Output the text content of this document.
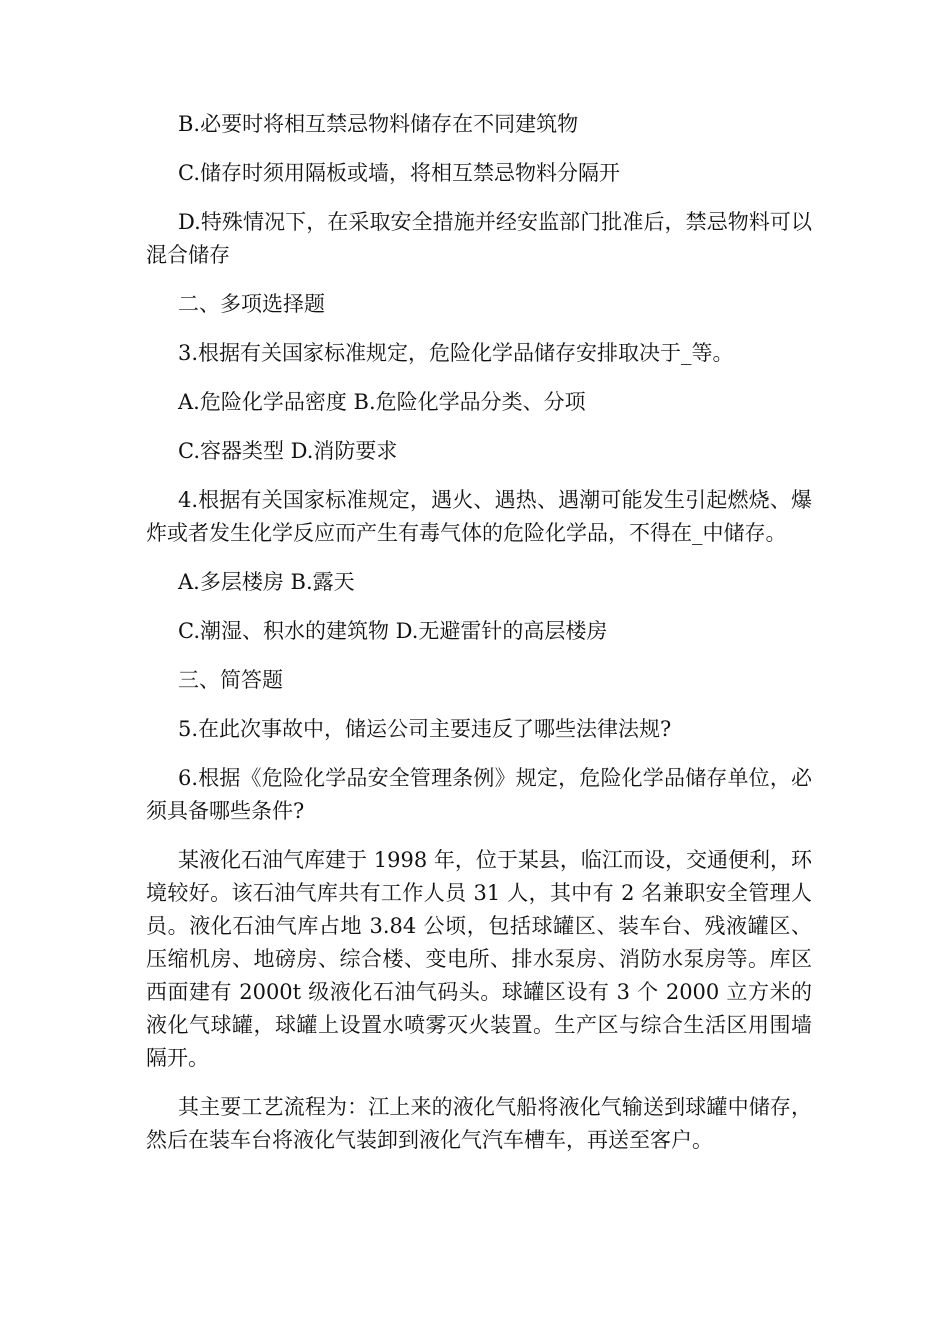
B.必要时将相互禁忌物料储存在不同建筑物

C.储存时须用隔板或墙，将相互禁忌物料分隔开

D.特殊情况下，在采取安全措施并经安监部门批准后，禁忌物料可以混合储存

二、多项选择题

3.根据有关国家标准规定，危险化学品储存安排取决于_等。

A.危险化学品密度 B.危险化学品分类、分项

C.容器类型 D.消防要求

4.根据有关国家标准规定，遇火、遇热、遇潮可能发生引起燃烧、爆炸或者发生化学反应而产生有毒气体的危险化学品，不得在_中储存。

A.多层楼房 B.露天

C.潮湿、积水的建筑物 D.无避雷针的高层楼房

三、简答题

5.在此次事故中，储运公司主要违反了哪些法律法规?

6.根据《危险化学品安全管理条例》规定，危险化学品储存单位，必须具备哪些条件?

某液化石油气库建于 1998 年，位于某县，临江而设，交通便利，环境较好。该石油气库共有工作人员 31 人，其中有 2 名兼职安全管理人员。液化石油气库占地 3.84 公顷，包括球罐区、装车台、残液罐区、压缩机房、地磅房、综合楼、变电所、排水泵房、消防水泵房等。库区西面建有 2000t 级液化石油气码头。球罐区设有 3 个 2000 立方米的液化气球罐，球罐上设置水喷雾灭火装置。生产区与综合生活区用围墙隔开。

其主要工艺流程为：江上来的液化气船将液化气输送到球罐中储存，然后在装车台将液化气装卸到液化气汽车槽车，再送至客户。
